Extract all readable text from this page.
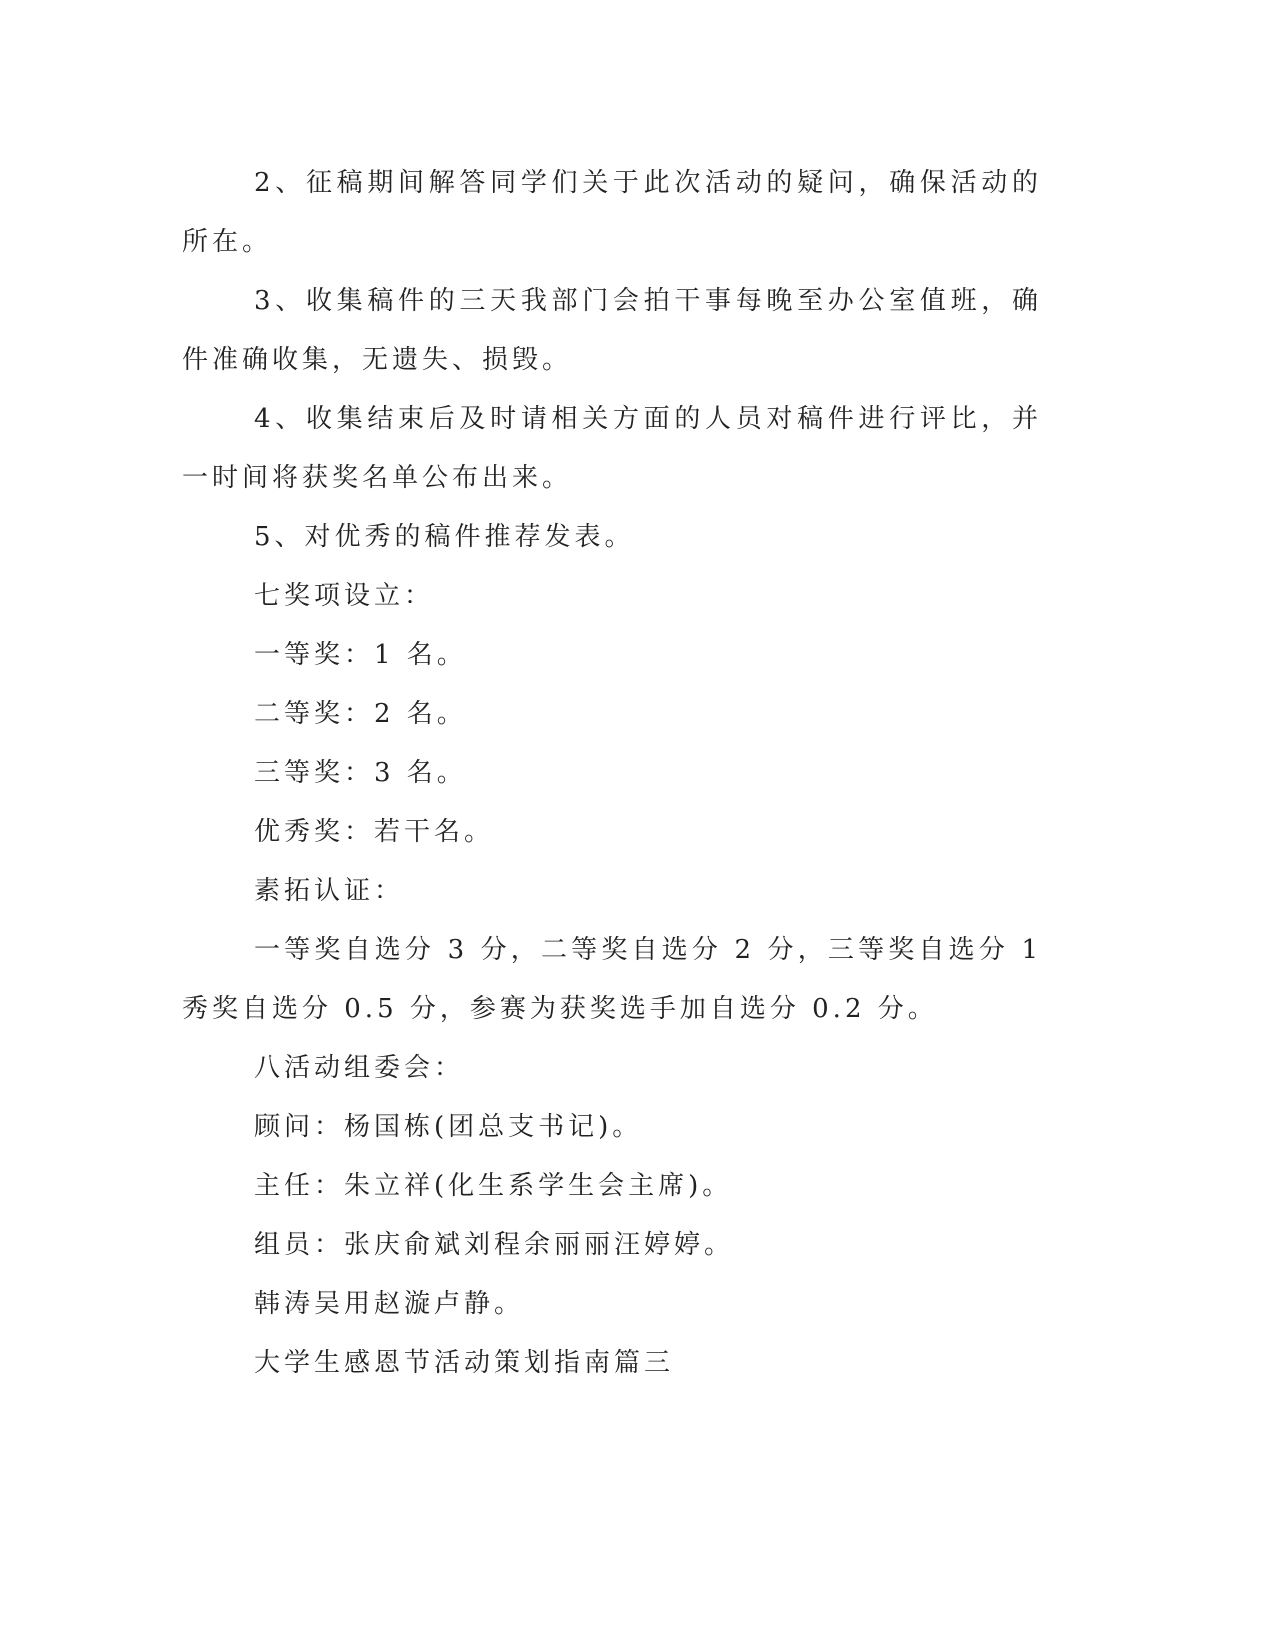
2、征稿期间解答同学们关于此次活动的疑问，确保活动的
所在。
3、收集稿件的三天我部门会拍干事每晚至办公室值班，确
件准确收集，无遗失、损毁。
4、收集结束后及时请相关方面的人员对稿件进行评比，并
一时间将获奖名单公布出来。
5、对优秀的稿件推荐发表。
七奖项设立：
一等奖：1 名。
二等奖：2 名。
三等奖：3 名。
优秀奖：若干名。
素拓认证：
一等奖自选分 3 分，二等奖自选分 2 分，三等奖自选分 1
秀奖自选分 0.5 分，参赛为获奖选手加自选分 0.2 分。
八活动组委会：
顾问：杨国栋(团总支书记)。
主任：朱立祥(化生系学生会主席)。
组员：张庆俞斌刘程余丽丽汪婷婷。
韩涛吴用赵漩卢静。
大学生感恩节活动策划指南篇三
